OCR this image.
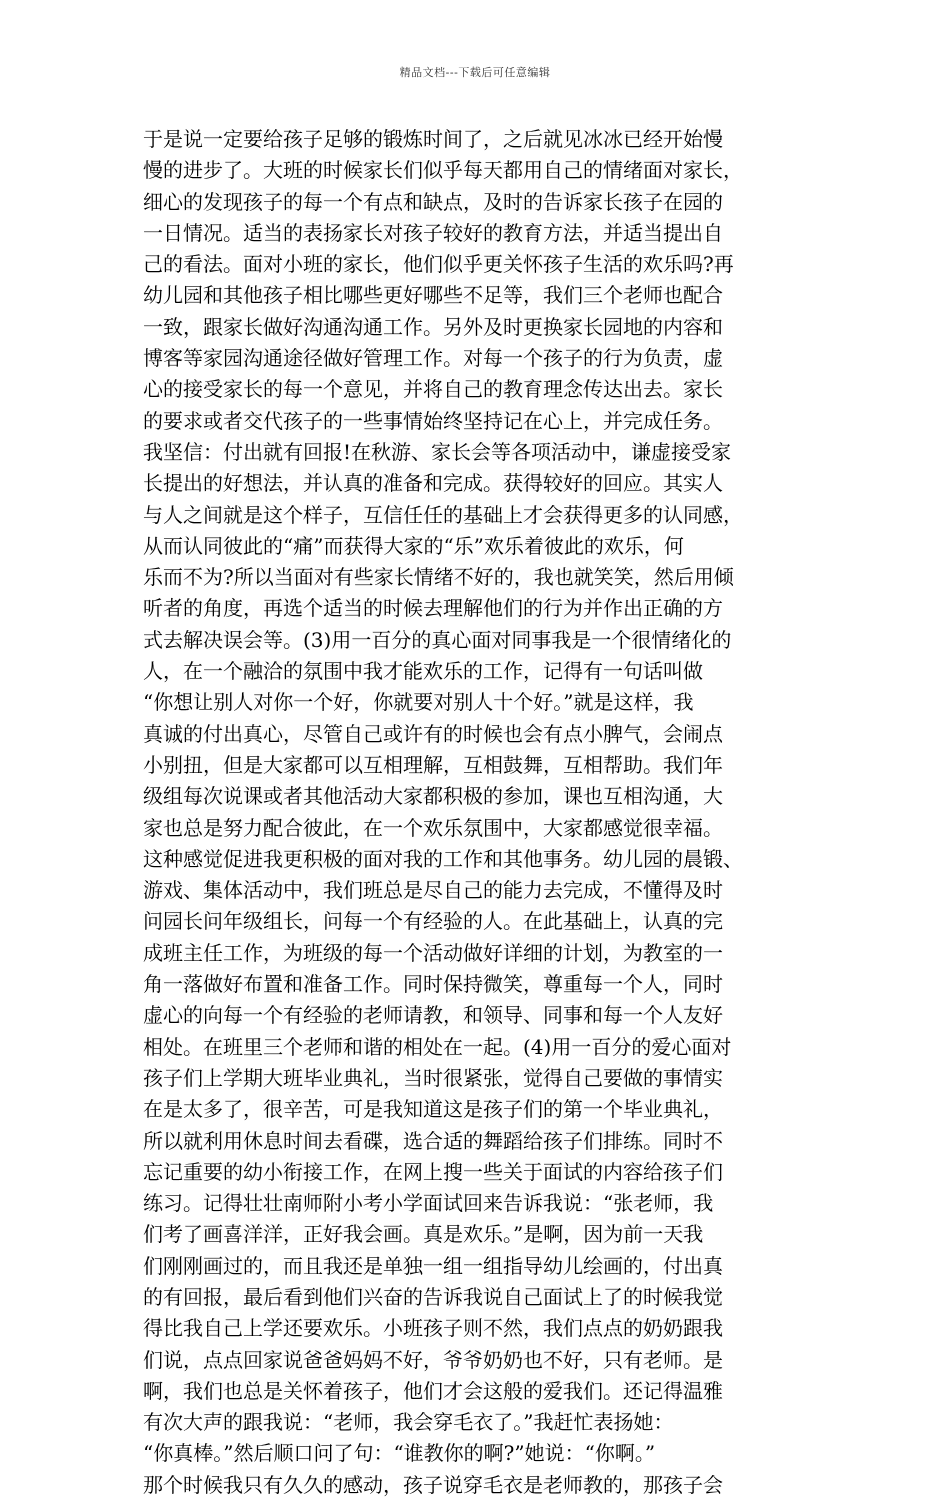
精品文档---下载后可任意编辑
于是说一定要给孩子足够的锻炼时间了，之后就见冰冰已经开始慢
慢的进步了。大班的时候家长们似乎每天都用自己的情绪面对家长，
细心的发现孩子的每一个有点和缺点，及时的告诉家长孩子在园的
一日情况。适当的表扬家长对孩子较好的教育方法，并适当提出自
己的看法。面对小班的家长，他们似乎更关怀孩子生活的欢乐吗?再
幼儿园和其他孩子相比哪些更好哪些不足等，我们三个老师也配合
一致，跟家长做好沟通沟通工作。另外及时更换家长园地的内容和
博客等家园沟通途径做好管理工作。对每一个孩子的行为负责，虚
心的接受家长的每一个意见，并将自己的教育理念传达出去。家长
的要求或者交代孩子的一些事情始终坚持记在心上，并完成任务。
我坚信：付出就有回报!在秋游、家长会等各项活动中，谦虚接受家
长提出的好想法，并认真的准备和完成。获得较好的回应。其实人
与人之间就是这个样子，互信任任的基础上才会获得更多的认同感，
从而认同彼此的“痛”而获得大家的“乐”欢乐着彼此的欢乐，何
乐而不为?所以当面对有些家长情绪不好的，我也就笑笑，然后用倾
听者的角度，再选个适当的时候去理解他们的行为并作出正确的方
式去解决误会等。(3)用一百分的真心面对同事我是一个很情绪化的
人，在一个融洽的氛围中我才能欢乐的工作，记得有一句话叫做
“你想让别人对你一个好，你就要对别人十个好。”就是这样，我
真诚的付出真心，尽管自己或许有的时候也会有点小脾气，会闹点
小别扭，但是大家都可以互相理解，互相鼓舞，互相帮助。我们年
级组每次说课或者其他活动大家都积极的参加，课也互相沟通，大
家也总是努力配合彼此，在一个欢乐氛围中，大家都感觉很幸福。
这种感觉促进我更积极的面对我的工作和其他事务。幼儿园的晨锻、
游戏、集体活动中，我们班总是尽自己的能力去完成，不懂得及时
问园长问年级组长，问每一个有经验的人。在此基础上，认真的完
成班主任工作，为班级的每一个活动做好详细的计划，为教室的一
角一落做好布置和准备工作。同时保持微笑，尊重每一个人，同时
虚心的向每一个有经验的老师请教，和领导、同事和每一个人友好
相处。在班里三个老师和谐的相处在一起。(4)用一百分的爱心面对
孩子们上学期大班毕业典礼，当时很紧张，觉得自己要做的事情实
在是太多了，很辛苦，可是我知道这是孩子们的第一个毕业典礼，
所以就利用休息时间去看碟，选合适的舞蹈给孩子们排练。同时不
忘记重要的幼小衔接工作，在网上搜一些关于面试的内容给孩子们
练习。记得壮壮南师附小考小学面试回来告诉我说：“张老师，我
们考了画喜洋洋，正好我会画。真是欢乐。”是啊，因为前一天我
们刚刚画过的，而且我还是单独一组一组指导幼儿绘画的，付出真
的有回报，最后看到他们兴奋的告诉我说自己面试上了的时候我觉
得比我自己上学还要欢乐。小班孩子则不然，我们点点的奶奶跟我
们说，点点回家说爸爸妈妈不好，爷爷奶奶也不好，只有老师。是
啊，我们也总是关怀着孩子，他们才会这般的爱我们。还记得温雅
有次大声的跟我说：“老师，我会穿毛衣了。”我赶忙表扬她：
“你真棒。”然后顺口问了句：“谁教你的啊?”她说：“你啊。”
那个时候我只有久久的感动，孩子说穿毛衣是老师教的，那孩子会
